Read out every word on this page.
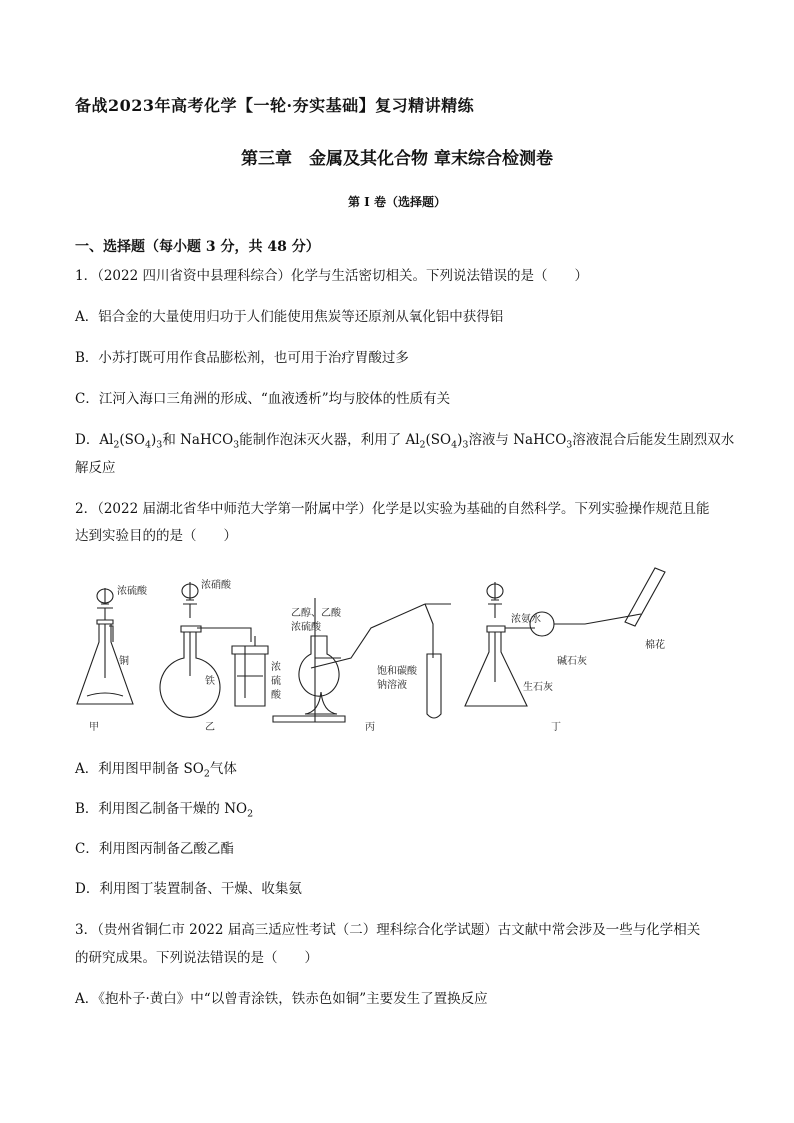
备战2023年高考化学【一轮·夯实基础】复习精讲精练
第三章　金属及其化合物 章末综合检测卷
第 I 卷（选择题）
一、选择题（每小题 3 分，共 48 分）
1．（2022 四川省资中县理科综合）化学与生活密切相关。下列说法错误的是（　　）
A．铝合金的大量使用归功于人们能使用焦炭等还原剂从氧化铝中获得铝
B．小苏打既可用作食品膨松剂，也可用于治疗胃酸过多
C．江河入海口三角洲的形成、“血液透析”均与胶体的性质有关
D．$Al_2(SO_4)_3$和 NaHCO$_3$能制作泡沫灭火器，利用了 $Al_2(SO_4)_3$溶液与 NaHCO$_3$溶液混合后能发生剧烈双水
解反应
2．（2022 届湖北省华中师范大学第一附属中学）化学是以实验为基础的自然科学。下列实验操作规范且能
达到实验目的的是（　　）
浓硫酸
铜
甲
浓硝酸
铁
浓
硫
酸
乙
乙醇、乙酸
浓硫酸
饱和碳酸
钠溶液
丙
浓氨水
碱石灰
棉花
生石灰
丁
A．利用图甲制备 $SO_2$气体
B．利用图乙制备干燥的 $NO_2$
C．利用图丙制备乙酸乙酯
D．利用图丁装置制备、干燥、收集氨
3．（贵州省铜仁市 2022 届高三适应性考试（二）理科综合化学试题）古文献中常会涉及一些与化学相关
的研究成果。下列说法错误的是（　　）
A．《抱朴子·黄白》中“以曾青涂铁，铁赤色如铜”主要发生了置换反应
